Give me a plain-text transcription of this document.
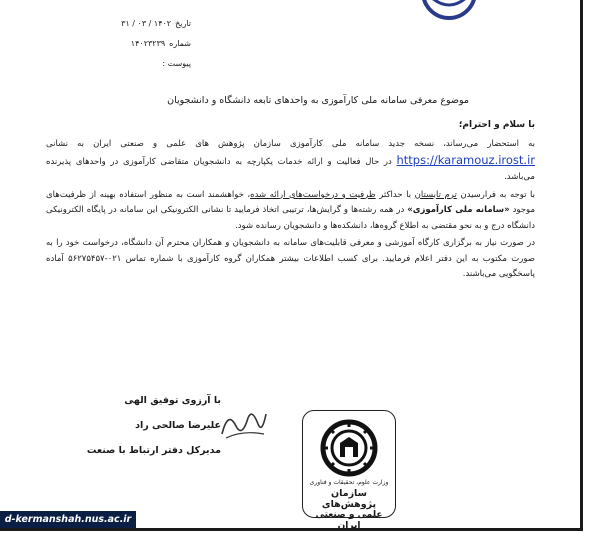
تاریخ
۱۴۰۲ / ۰۳ / ۳۱
شماره
۱۴۰۲۳۲۳۹
پیوست :
موضوع معرفی سامانه ملی کارآموزی به واحدهای تابعه دانشگاه و دانشجویان
با سلام و احترام؛

به استحضار می‌رساند، نسخه جدید سامانه ملی کارآموزی سازمان پژوهش های علمی و صنعتی ایران به نشانی https://karamouz.irost.ir در حال فعالیت و ارائه خدمات یکپارچه به دانشجویان متقاضی کارآموزی در واحدهای پذیرنده می‌باشد.

با توجه به فرارسیدن ترم تابستان با حداکثر ظرفیت و درخواست‌های ارائه شده، خواهشمند است به منظور استفاده بهینه از ظرفیت‌های موجود «سامانه ملی کارآموزی» در همه رشته‌ها و گرایش‌ها، ترتیبی اتخاذ فرمایید تا نشانی الکترونیکی این سامانه در پایگاه الکترونیکی دانشگاه درج و به نحو مقتضی به اطلاع گروه‌ها، دانشکده‌ها و دانشجویان رسانده شود.

در صورت نیاز به برگزاری کارگاه آموزشی و معرفی قابلیت‌های سامانه به دانشجویان و همکاران محترم آن دانشگاه، درخواست خود را به صورت مکتوب به این دفتر اعلام فرمایید. برای کسب اطلاعات بیشتر همکاران گروه کارآموزی با شماره تماس ۰۲۱-۵۶۲۷۵۴۵۷ آماده پاسخگویی می‌باشند.

با آرزوی توفیق الهی
علیرضا صالحی راد
مدیرکل دفتر ارتباط با صنعت
وزارت علوم، تحقیقات و فناوری
سازمان پژوهش‌های
علمی و صنعتی ایران
d-kermanshah.nus.ac.ir
